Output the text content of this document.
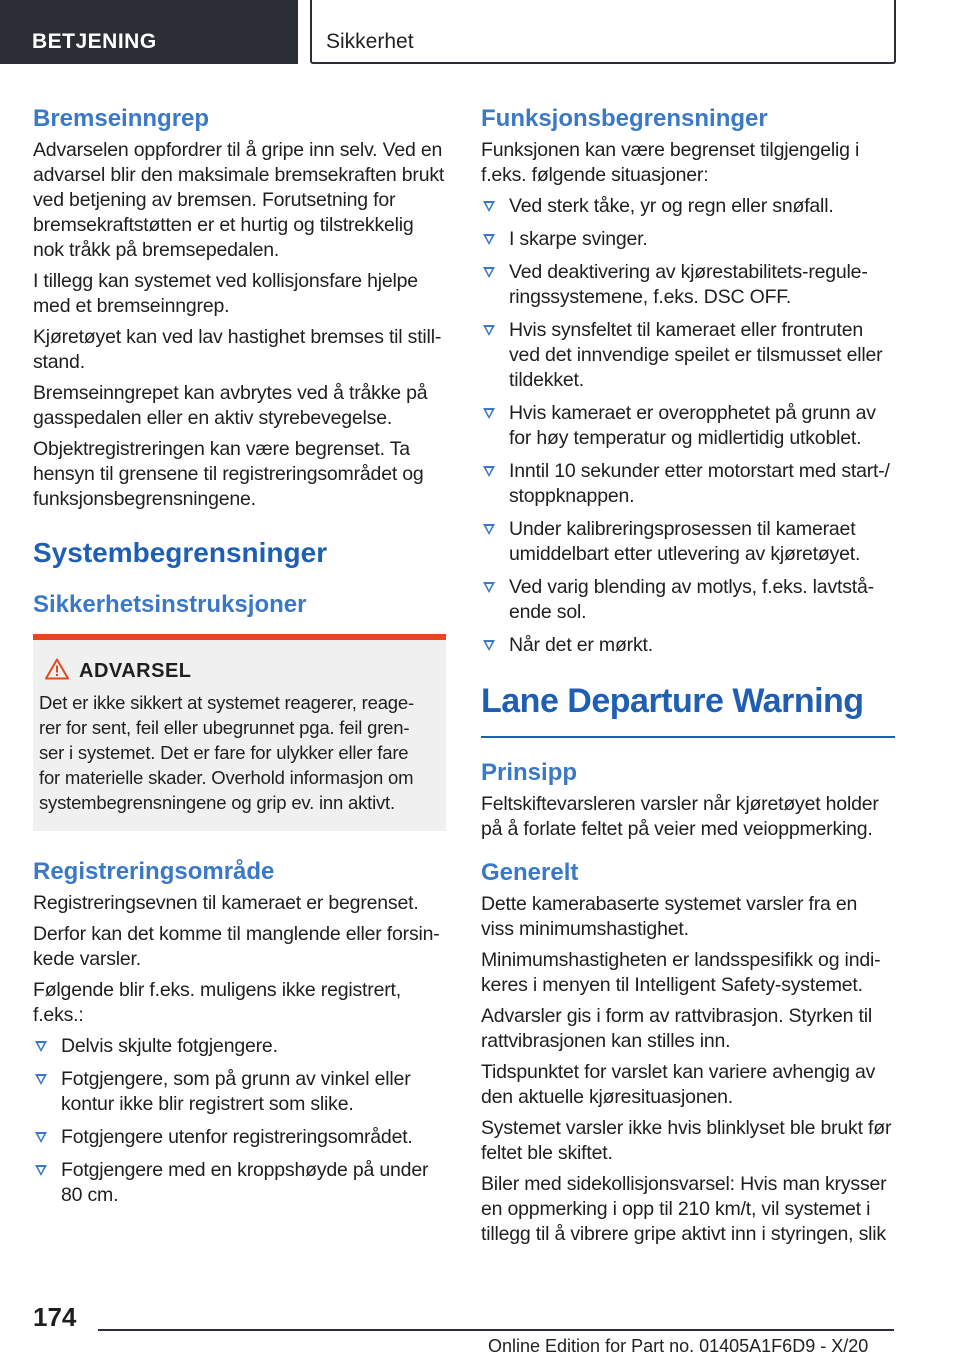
BETJENING	Sikkerhet
Bremseinngrep

Advarselen oppfordrer til å gripe inn selv. Ved en advarsel blir den maksimale bremsekraften brukt ved betjening av bremsen. Forutsetning for bremsekraftstøtten er et hurtig og tilstrekkelig nok tråkk på bremsepedalen.

I tillegg kan systemet ved kollisjonsfare hjelpe med et bremseinngrep.

Kjøretøyet kan ved lav hastighet bremses til still-stand.

Bremseinngrepet kan avbrytes ved å tråkke på gasspedalen eller en aktiv styrebevegelse.

Objektregistreringen kan være begrenset. Ta hensyn til grensene til registreringsområdet og funksjonsbegrensningene.

Systembegrensninger
Sikkerhetsinstruksjoner
ADVARSEL

Det er ikke sikkert at systemet reagerer, reage-rer for sent, feil eller ubegrunnet pga. feil gren-ser i systemet. Det er fare for ulykker eller fare for materielle skader. Overhold informasjon om systembegrensningene og grip ev. inn aktivt.

Registreringsområde

Registreringsevnen til kameraet er begrenset.

Derfor kan det komme til manglende eller forsin-kede varsler.

Følgende blir f.eks. muligens ikke registrert, f.eks.:

Delvis skjulte fotgjengere.
Fotgjengere, som på grunn av vinkel eller kontur ikke blir registrert som slike.
Fotgjengere utenfor registreringsområdet.
Fotgjengere med en kroppshøyde på under 80 cm.
Funksjonsbegrensninger

Funksjonen kan være begrenset tilgjengelig i f.eks. følgende situasjoner:

Ved sterk tåke, yr og regn eller snøfall.
I skarpe svinger.
Ved deaktivering av kjørestabilitets-regule-ringssystemene, f.eks. DSC OFF.
Hvis synsfeltet til kameraet eller frontruten ved det innvendige speilet er tilsmusset eller tildekket.
Hvis kameraet er overopphetet på grunn av for høy temperatur og midlertidig utkoblet.
Inntil 10 sekunder etter motorstart med start-/ stoppknappen.
Under kalibreringsprosessen til kameraet umiddelbart etter utlevering av kjøretøyet.
Ved varig blending av motlys, f.eks. lavtstå-ende sol.
Når det er mørkt.
Lane Departure Warning
Prinsipp

Feltskiftevarsleren varsler når kjøretøyet holder på å forlate feltet på veier med veioppmerking.

Generelt

Dette kamerabaserte systemet varsler fra en viss minimumshastighet.

Minimumshastigheten er landsspesifikk og indi-keres i menyen til Intelligent Safety-systemet.

Advarsler gis i form av rattvibrasjon. Styrken til rattvibrasjonen kan stilles inn.

Tidspunktet for varslet kan variere avhengig av den aktuelle kjøresituasjonen.

Systemet varsler ikke hvis blinklyset ble brukt før feltet ble skiftet.

Biler med sidekollisjonsvarsel: Hvis man krysser en oppmerking i opp til 210 km/t, vil systemet i tillegg til å vibrere gripe aktivt inn i styringen, slik

174
Online Edition for Part no. 01405A1F6D9 - X/20
